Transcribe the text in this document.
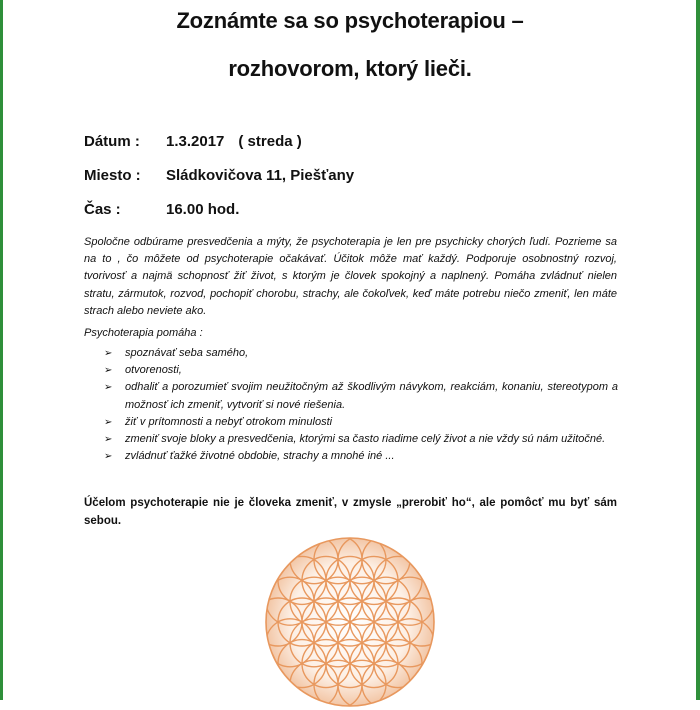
Zoznámte sa so psychoterapiou –
rozhovorom, ktorý lieči.
Dátum : 1.3.2017 ( streda )
Miesto : Sládkovičova 11, Piešťany
Čas :	16.00 hod.
Spoločne odbúrame presvedčenia a mýty, že psychoterapia je len pre psychicky chorých ľudí. Pozrieme sa na to , čo môžete od psychoterapie očakávať. Účitok môže mať každý. Podporuje osobnostný rozvoj, tvorivosť a najmä schopnosť žiť život, s ktorým je človek spokojný a naplnený. Pomáha zvládnuť nielen stratu, zármutok, rozvod, pochopiť chorobu, strachy, ale čokoľvek, keď máte potrebu niečo zmeniť, len máte strach alebo neviete ako.
Psychoterapia pomáha :
➢ spoznávať seba samého,
➢ otvorenosti,
➢ odhaliť a porozumieť svojim neužitočným až škodlivým návykom, reakciám, konaniu, stereotypom a možnosť ich zmeniť, vytvoriť si nové riešenia.
➢ žiť v prítomnosti a nebyť otrokom minulosti
➢ zmeniť svoje bloky a presvedčenia, ktorými sa často riadime celý život a nie vždy sú nám užitočné.
➢ zvládnuť ťažké životné obdobie, strachy a mnohé iné ...
Účelom psychoterapie nie je človeka zmeniť, v zmysle „prerobiť ho“, ale pomôcť mu byť sám sebou.
